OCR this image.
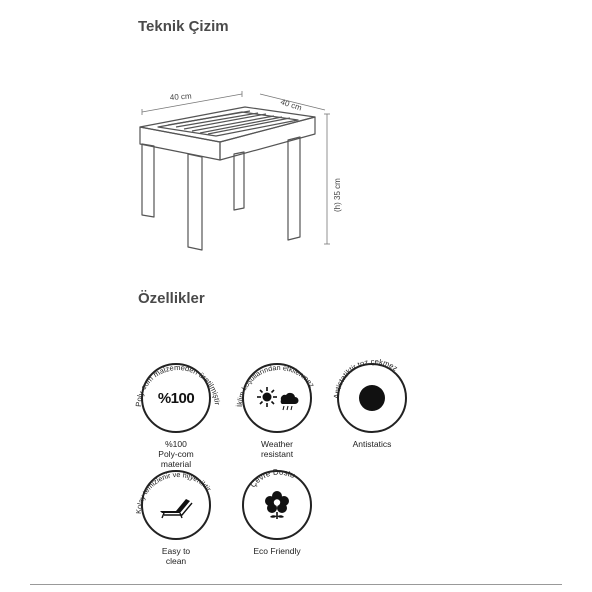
Teknik Çizim
40 cm
40 cm
(h) 35 cm
Özellikler
Poly-com malzemeden üretilmiştir
%100
%100
Poly-com
material
İklim koşullarından etkilenmez
Weather
resistant
Antistatiktir toz çekmez
Antistatics
Kolay temizlenir ve hijyeniktir
Easy to
clean
Çevre Dostu
Eco Friendly
